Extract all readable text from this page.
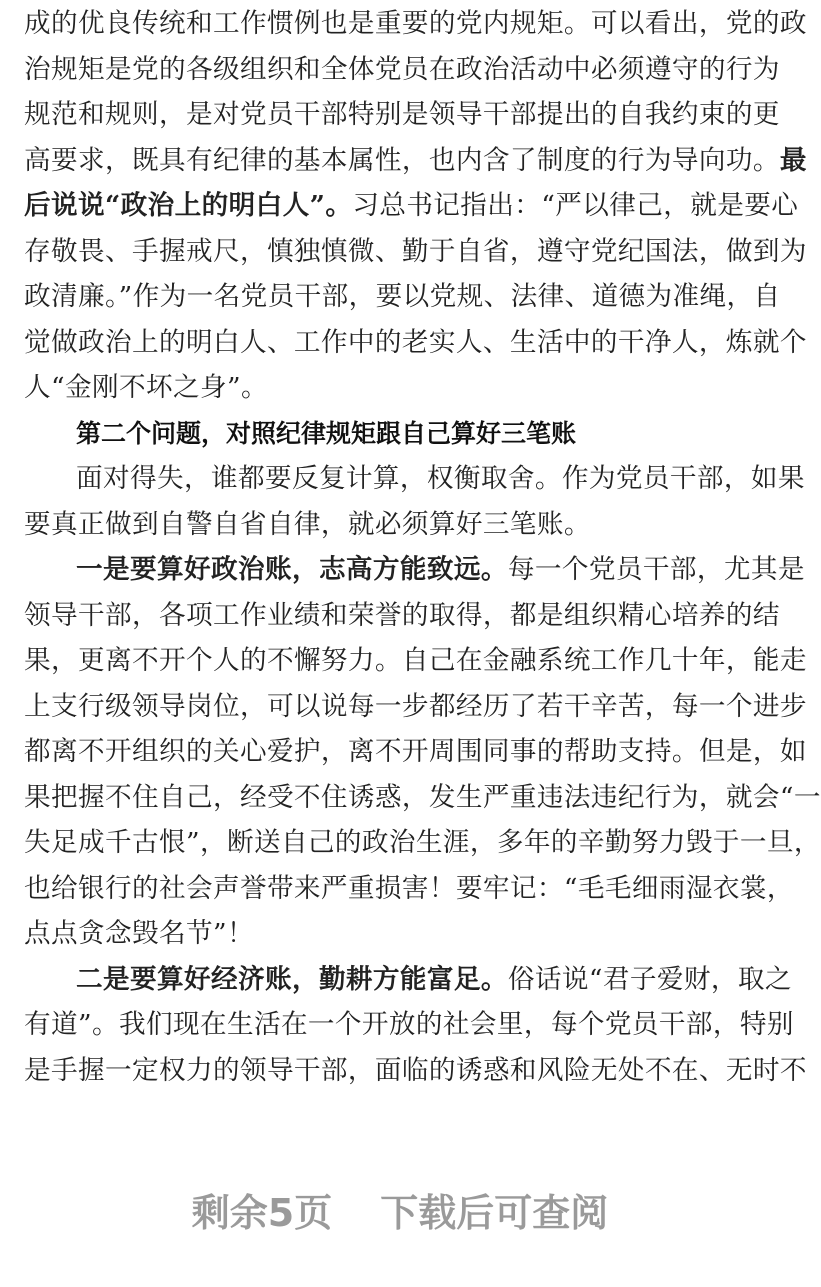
成的优良传统和工作惯例也是重要的党内规矩。可以看出，党的政
治规矩是党的各级组织和全体党员在政治活动中必须遵守的行为
规范和规则，是对党员干部特别是领导干部提出的自我约束的更
高要求，既具有纪律的基本属性，也内含了制度的行为导向功。最
后说说“政治上的明白人”。习总书记指出：“严以律己，就是要心
存敬畏、手握戒尺，慎独慎微、勤于自省，遵守党纪国法，做到为
政清廉。”作为一名党员干部，要以党规、法律、道德为准绳，自
觉做政治上的明白人、工作中的老实人、生活中的干净人，炼就个
人“金刚不坏之身”。
第二个问题，对照纪律规矩跟自己算好三笔账
面对得失，谁都要反复计算，权衡取舍。作为党员干部，如果
要真正做到自警自省自律，就必须算好三笔账。
一是要算好政治账，志高方能致远。每一个党员干部，尤其是
领导干部，各项工作业绩和荣誉的取得，都是组织精心培养的结
果，更离不开个人的不懈努力。自己在金融系统工作几十年，能走
上支行级领导岗位，可以说每一步都经历了若干辛苦，每一个进步
都离不开组织的关心爱护，离不开周围同事的帮助支持。但是，如
果把握不住自己，经受不住诱惑，发生严重违法违纪行为，就会“一
失足成千古恨”，断送自己的政治生涯，多年的辛勤努力毁于一旦，
也给银行的社会声誉带来严重损害！要牢记：“毛毛细雨湿衣裳，
点点贪念毁名节”！
二是要算好经济账，勤耕方能富足。俗话说“君子爱财，取之
有道”。我们现在生活在一个开放的社会里，每个党员干部，特别
是手握一定权力的领导干部，面临的诱惑和风险无处不在、无时不
剩余5页 下载后可查阅
